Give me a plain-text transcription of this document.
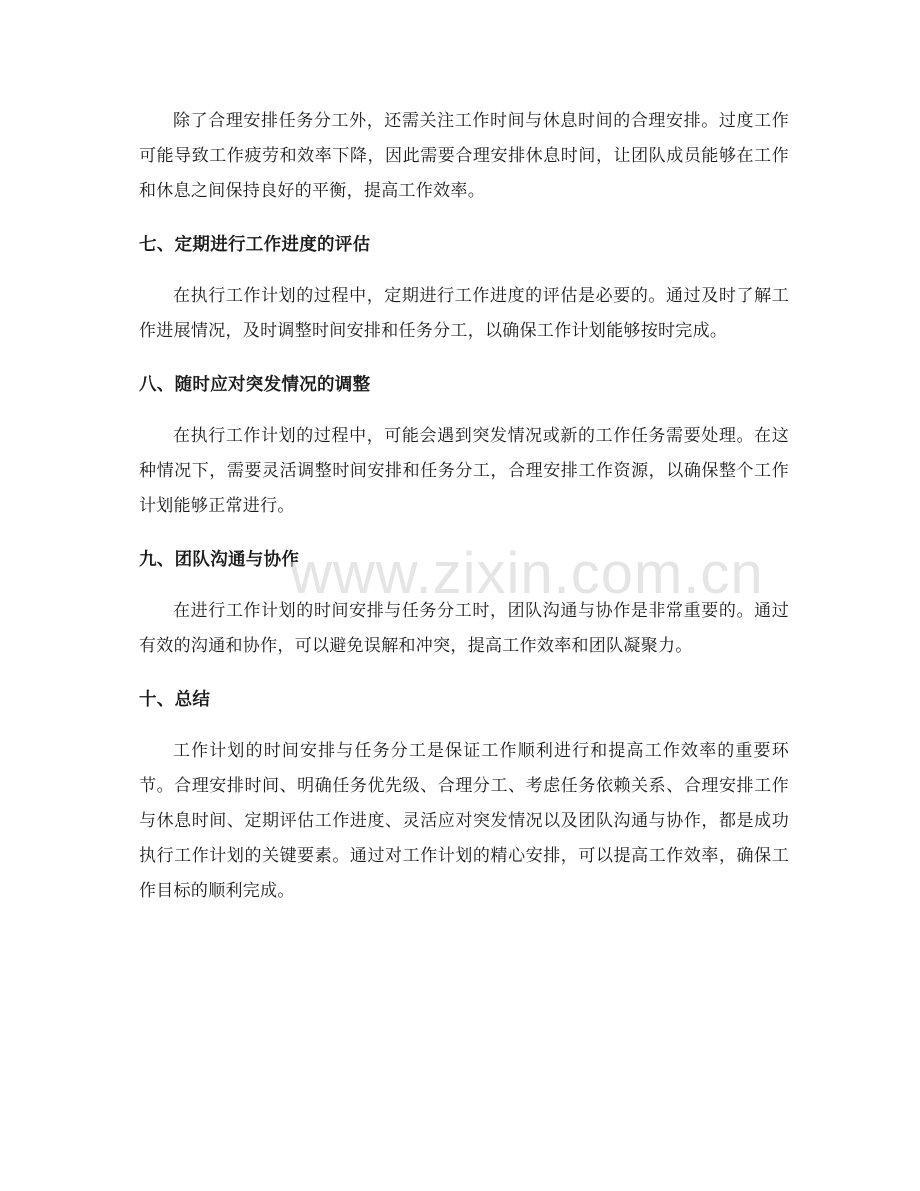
除了合理安排任务分工外，还需关注工作时间与休息时间的合理安排。过度工作可能导致工作疲劳和效率下降，因此需要合理安排休息时间，让团队成员能够在工作和休息之间保持良好的平衡，提高工作效率。

七、定期进行工作进度的评估

在执行工作计划的过程中，定期进行工作进度的评估是必要的。通过及时了解工作进展情况，及时调整时间安排和任务分工，以确保工作计划能够按时完成。

八、随时应对突发情况的调整

在执行工作计划的过程中，可能会遇到突发情况或新的工作任务需要处理。在这种情况下，需要灵活调整时间安排和任务分工，合理安排工作资源，以确保整个工作计划能够正常进行。

九、团队沟通与协作

在进行工作计划的时间安排与任务分工时，团队沟通与协作是非常重要的。通过有效的沟通和协作，可以避免误解和冲突，提高工作效率和团队凝聚力。

十、总结

工作计划的时间安排与任务分工是保证工作顺利进行和提高工作效率的重要环节。合理安排时间、明确任务优先级、合理分工、考虑任务依赖关系、合理安排工作与休息时间、定期评估工作进度、灵活应对突发情况以及团队沟通与协作，都是成功执行工作计划的关键要素。通过对工作计划的精心安排，可以提高工作效率，确保工作目标的顺利完成。

www.zixin.com.cn
